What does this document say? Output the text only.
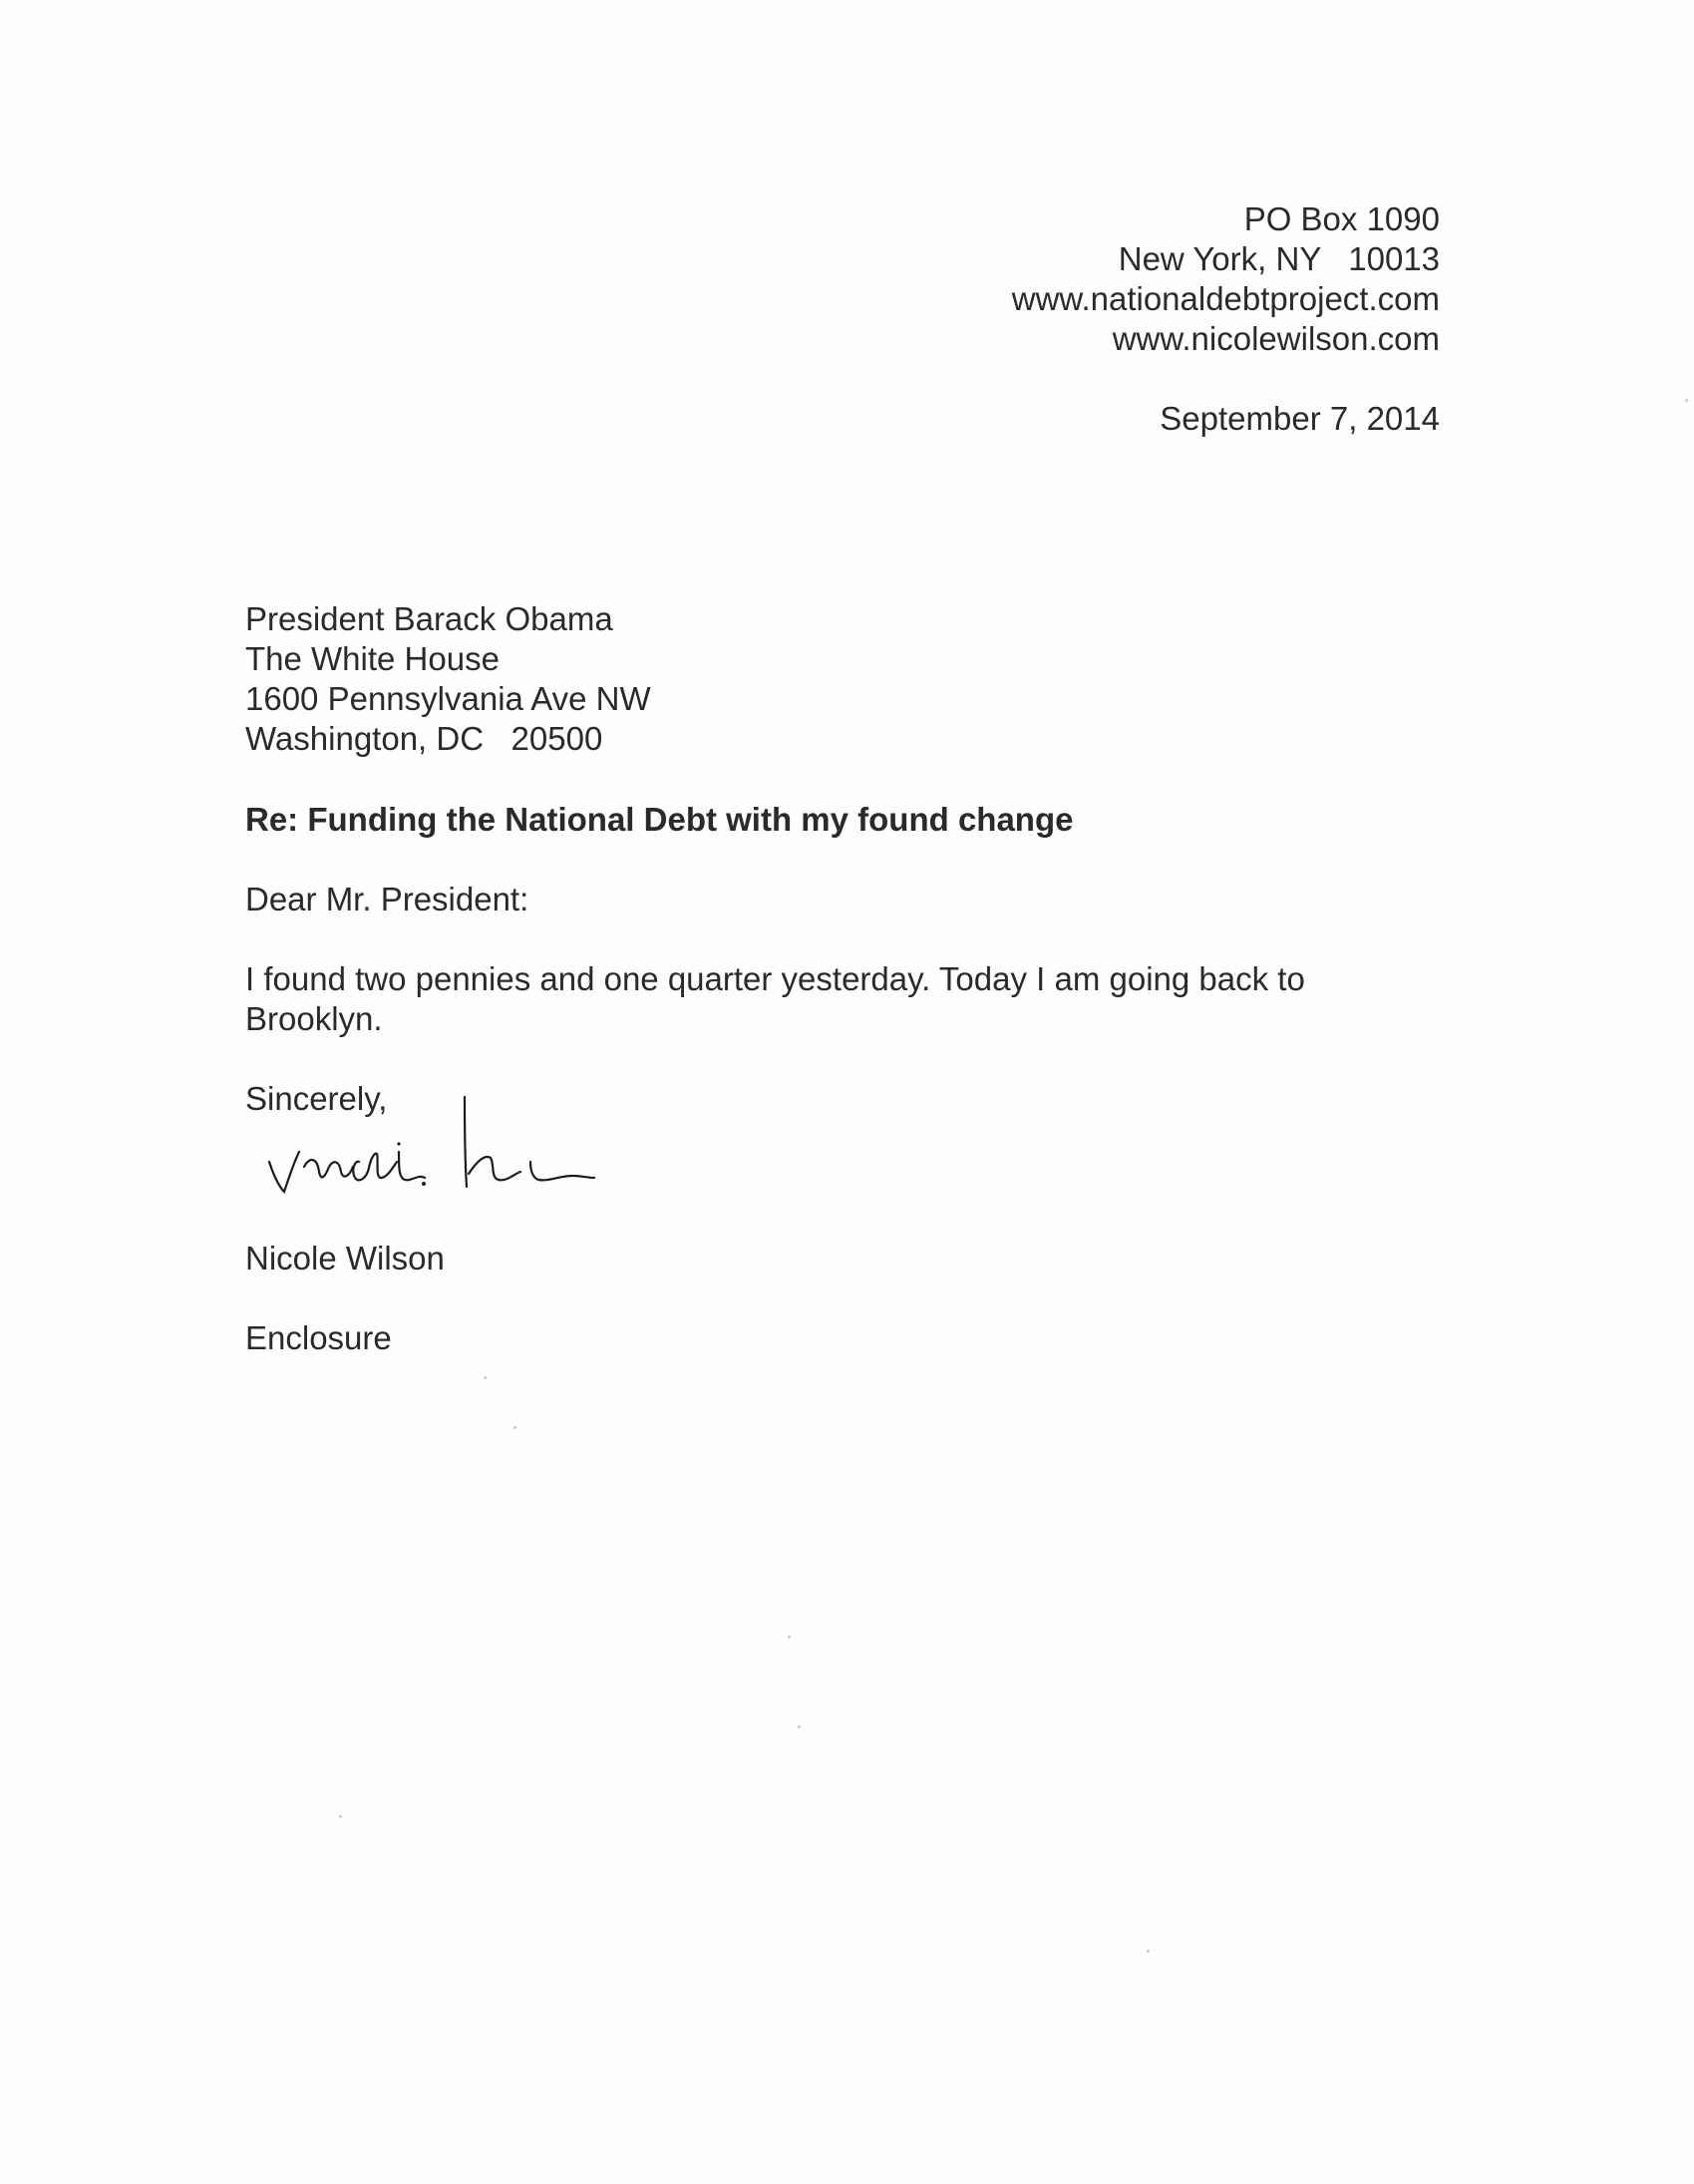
PO Box 1090
New York, NY   10013
www.nationaldebtproject.com
www.nicolewilson.com
September 7, 2014
President Barack Obama
The White House
1600 Pennsylvania Ave NW
Washington, DC   20500
Re: Funding the National Debt with my found change
Dear Mr. President:
I found two pennies and one quarter yesterday. Today I am going back to Brooklyn.
Sincerely,
Nicole Wilson
Enclosure
